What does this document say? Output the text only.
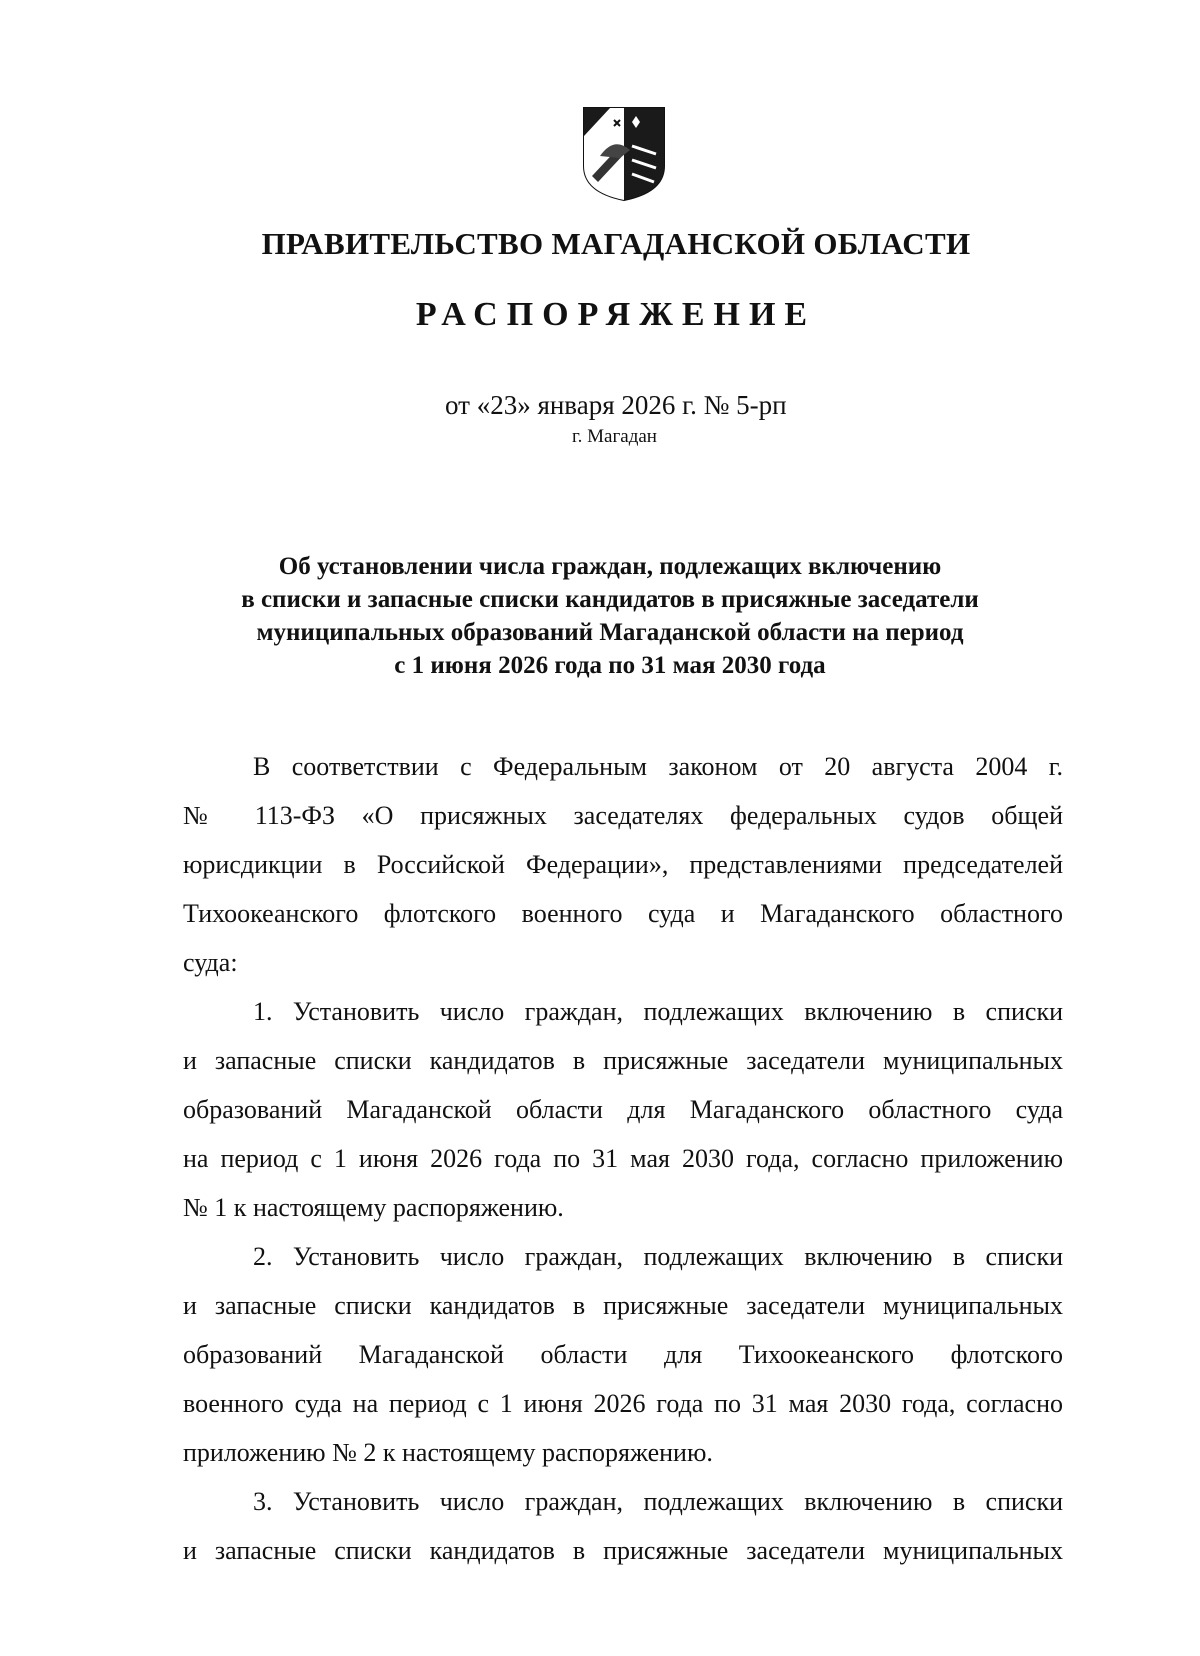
ПРАВИТЕЛЬСТВО МАГАДАНСКОЙ ОБЛАСТИ
РАСПОРЯЖЕНИЕ
от «23» января 2026 г. № 5-рп
г. Магадан
Об установлении числа граждан, подлежащих включению
в списки и запасные списки кандидатов в присяжные заседатели
муниципальных образований Магаданской области на период
с 1 июня 2026 года по 31 мая 2030 года
В соответствии с Федеральным законом от 20 августа 2004 г.
№ 113-ФЗ «О присяжных заседателях федеральных судов общей
юрисдикции в Российской Федерации», представлениями председателей
Тихоокеанского флотского военного суда и Магаданского областного
суда:
1. Установить число граждан, подлежащих включению в списки
и запасные списки кандидатов в присяжные заседатели муниципальных
образований Магаданской области для Магаданского областного суда
на период с 1 июня 2026 года по 31 мая 2030 года, согласно приложению
№ 1 к настоящему распоряжению.
2. Установить число граждан, подлежащих включению в списки
и запасные списки кандидатов в присяжные заседатели муниципальных
образований Магаданской области для Тихоокеанского флотского
военного суда на период с 1 июня 2026 года по 31 мая 2030 года, согласно
приложению № 2 к настоящему распоряжению.
3. Установить число граждан, подлежащих включению в списки
и запасные списки кандидатов в присяжные заседатели муниципальных
